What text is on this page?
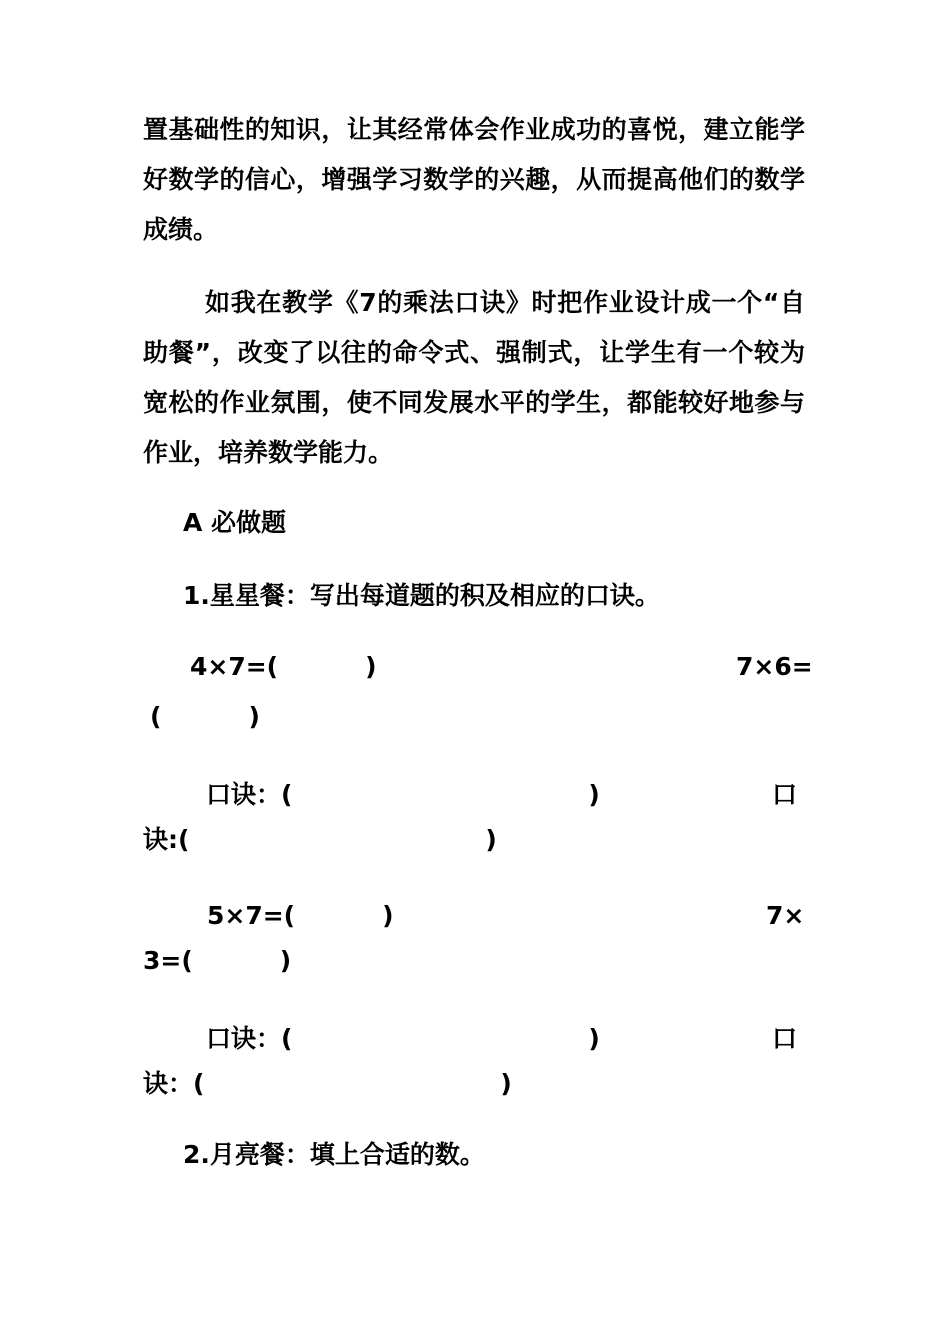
置基础性的知识，让其经常体会作业成功的喜悦，建立能学
好数学的信心，增强学习数学的兴趣，从而提高他们的数学
成绩。
如我在教学《7的乘法口诀》时把作业设计成一个“自
助餐”，改变了以往的命令式、强制式，让学生有一个较为
宽松的作业氛围，使不同发展水平的学生，都能较好地参与
作业，培养数学能力。
A 必做题
1.星星餐：写出每道题的积及相应的口诀。
4×7=(          )	7×6=
(          )
口诀：(                                  )	口
诀:(                                  )
5×7=(          )	7×
3=(          )
口诀：(                                  )	口
诀：(                                  )
2.月亮餐：填上合适的数。
